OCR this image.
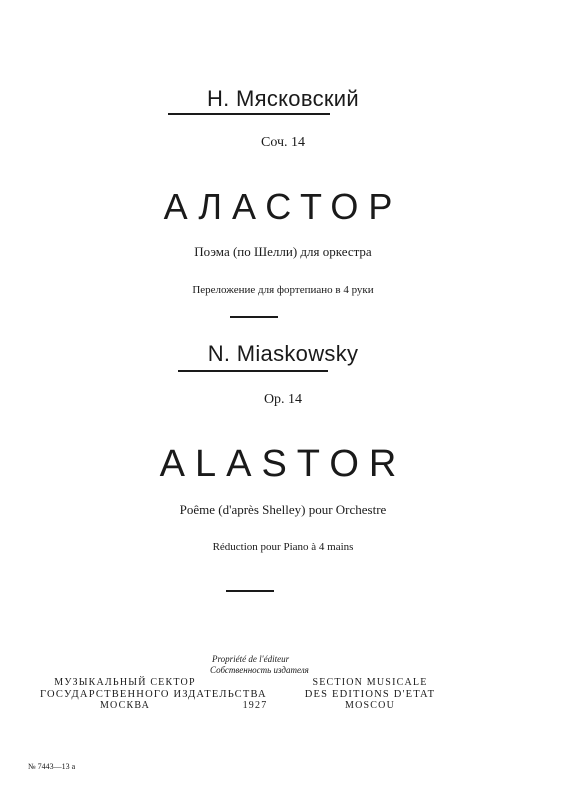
Н. Мясковский
Соч. 14
АЛАСТОР
Поэма (по Шелли) для оркестра
Переложение для фортепиано в 4 руки
N. Miaskowsky
Op. 14
ALASTOR
Poême (d'après Shelley) pour Orchestre
Réduction pour Piano à 4 mains
Propriété de l'éditeur
Собственность издателя
МУЗЫКАЛЬНЫЙ СЕКТОР
ГОСУДАРСТВЕННОГО ИЗДАТЕЛЬСТВА
МОСКВА	1927
SECTION MUSICALE
DES EDITIONS D'ETAT
MOSCOU
№ 7443—13 а
